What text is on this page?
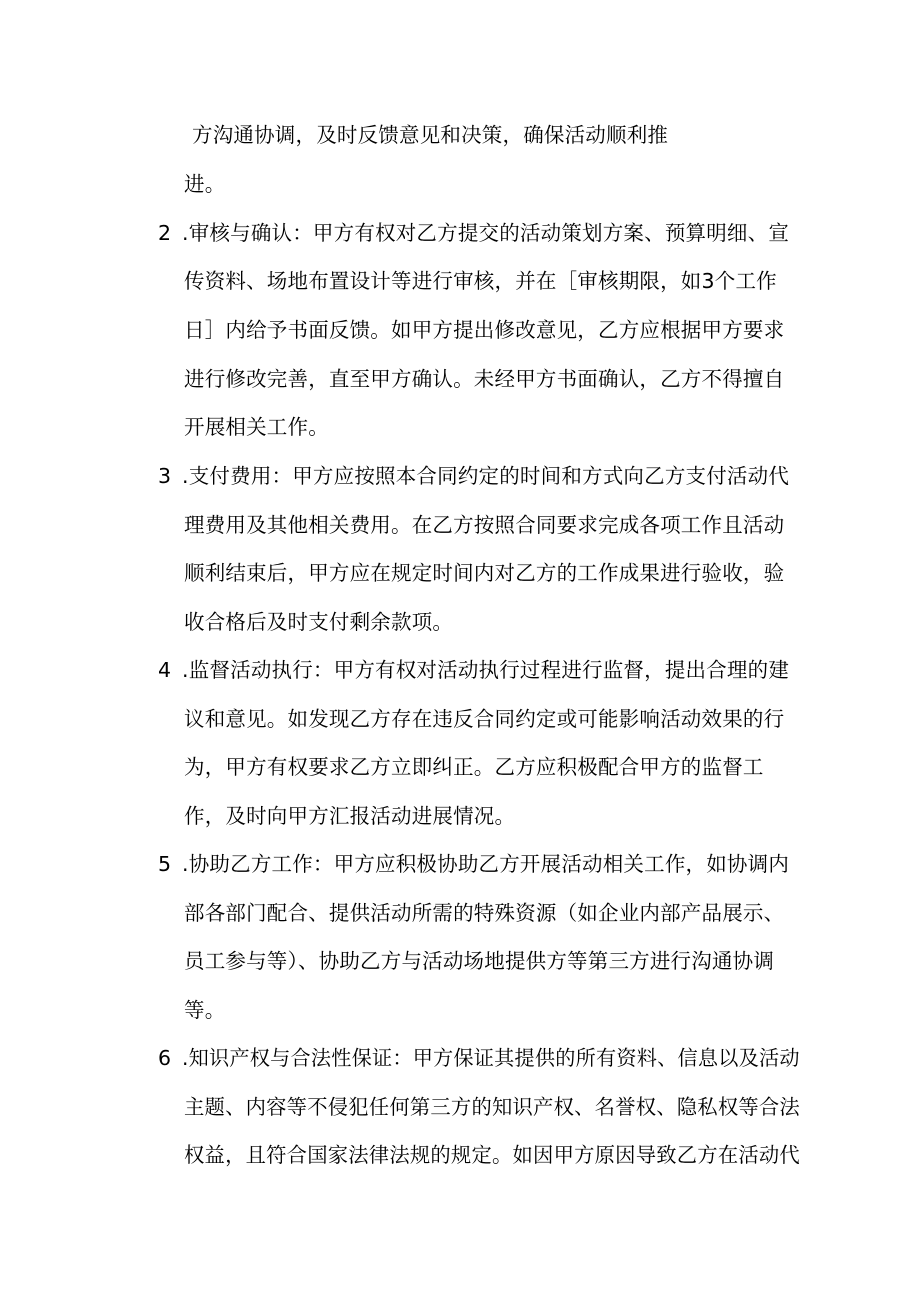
方沟通协调，及时反馈意见和决策，确保活动顺利推
进。
2 .审核与确认：甲方有权对乙方提交的活动策划方案、预算明细、宣
传资料、场地布置设计等进行审核，并在［审核期限，如3个工作
日］内给予书面反馈。如甲方提出修改意见，乙方应根据甲方要求
进行修改完善，直至甲方确认。未经甲方书面确认，乙方不得擅自
开展相关工作。
3 .支付费用：甲方应按照本合同约定的时间和方式向乙方支付活动代
理费用及其他相关费用。在乙方按照合同要求完成各项工作且活动
顺利结束后，甲方应在规定时间内对乙方的工作成果进行验收，验
收合格后及时支付剩余款项。
4 .监督活动执行：甲方有权对活动执行过程进行监督，提出合理的建
议和意见。如发现乙方存在违反合同约定或可能影响活动效果的行
为，甲方有权要求乙方立即纠正。乙方应积极配合甲方的监督工
作，及时向甲方汇报活动进展情况。
5 .协助乙方工作：甲方应积极协助乙方开展活动相关工作，如协调内
部各部门配合、提供活动所需的特殊资源（如企业内部产品展示、
员工参与等）、协助乙方与活动场地提供方等第三方进行沟通协调
等。
6 .知识产权与合法性保证：甲方保证其提供的所有资料、信息以及活动
主题、内容等不侵犯任何第三方的知识产权、名誉权、隐私权等合法
权益，且符合国家法律法规的规定。如因甲方原因导致乙方在活动代
